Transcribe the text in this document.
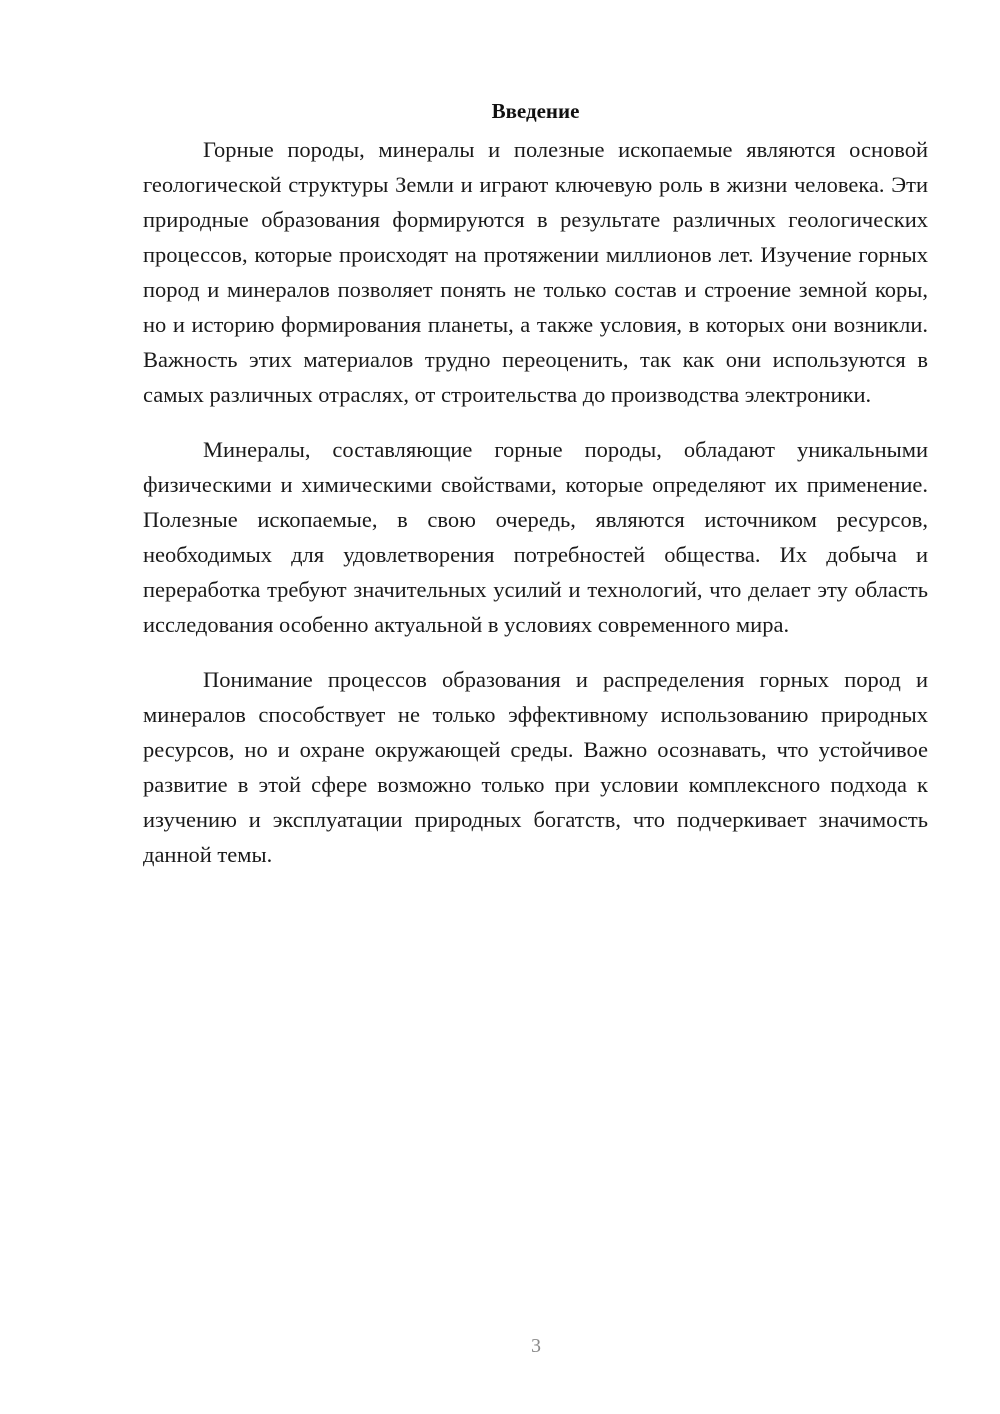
Введение

Горные породы, минералы и полезные ископаемые являются основой геологической структуры Земли и играют ключевую роль в жизни человека. Эти природные образования формируются в результате различных геологических процессов, которые происходят на протяжении миллионов лет. Изучение горных пород и минералов позволяет понять не только состав и строение земной коры, но и историю формирования планеты, а также условия, в которых они возникли. Важность этих материалов трудно переоценить, так как они используются в самых различных отраслях, от строительства до производства электроники.

Минералы, составляющие горные породы, обладают уникальными физическими и химическими свойствами, которые определяют их применение. Полезные ископаемые, в свою очередь, являются источником ресурсов, необходимых для удовлетворения потребностей общества. Их добыча и переработка требуют значительных усилий и технологий, что делает эту область исследования особенно актуальной в условиях современного мира.

Понимание процессов образования и распределения горных пород и минералов способствует не только эффективному использованию природных ресурсов, но и охране окружающей среды. Важно осознавать, что устойчивое развитие в этой сфере возможно только при условии комплексного подхода к изучению и эксплуатации природных богатств, что подчеркивает значимость данной темы.

3
